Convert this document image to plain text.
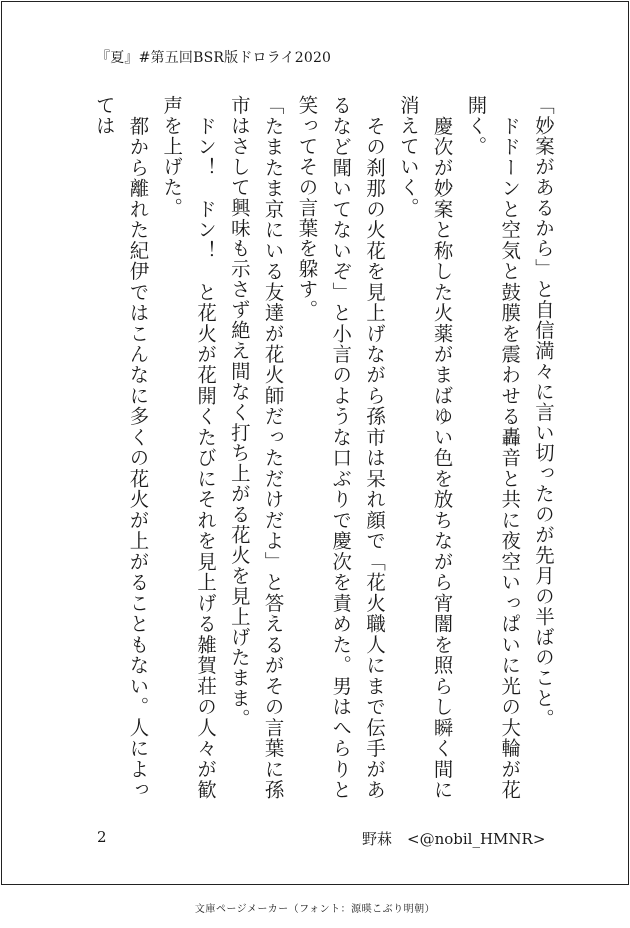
『夏』#第五回BSR版ドロライ2020

「妙案があるから」と自信満々に言い切ったのが先月の半ばのこと。

　ドドーンと空気と鼓膜を震わせる轟音と共に夜空いっぱいに光の大輪が花開く。

　慶次が妙案と称した火薬がまばゆい色を放ちながら宵闇を照らし瞬く間に消えていく。

　その刹那の火花を見上げながら孫市は呆れ顔で「花火職人にまで伝手があるなど聞いてないぞ」と小言のような口ぶりで慶次を責めた。男はへらりと笑ってその言葉を躱す。

「たまたま京にいる友達が花火師だっただけだよ」と答えるがその言葉に孫市はさして興味も示さず絶え間なく打ち上がる花火を見上げたまま。

　ドン！　ドン！　と花火が花開くたびにそれを見上げる雑賀荘の人々が歓声を上げた。

　都から離れた紀伊ではこんなに多くの花火が上がることもない。人によっては

2	野菻　<@nobil_HMNR>
文庫ページメーカー（フォント：源暎こぶり明朝）
